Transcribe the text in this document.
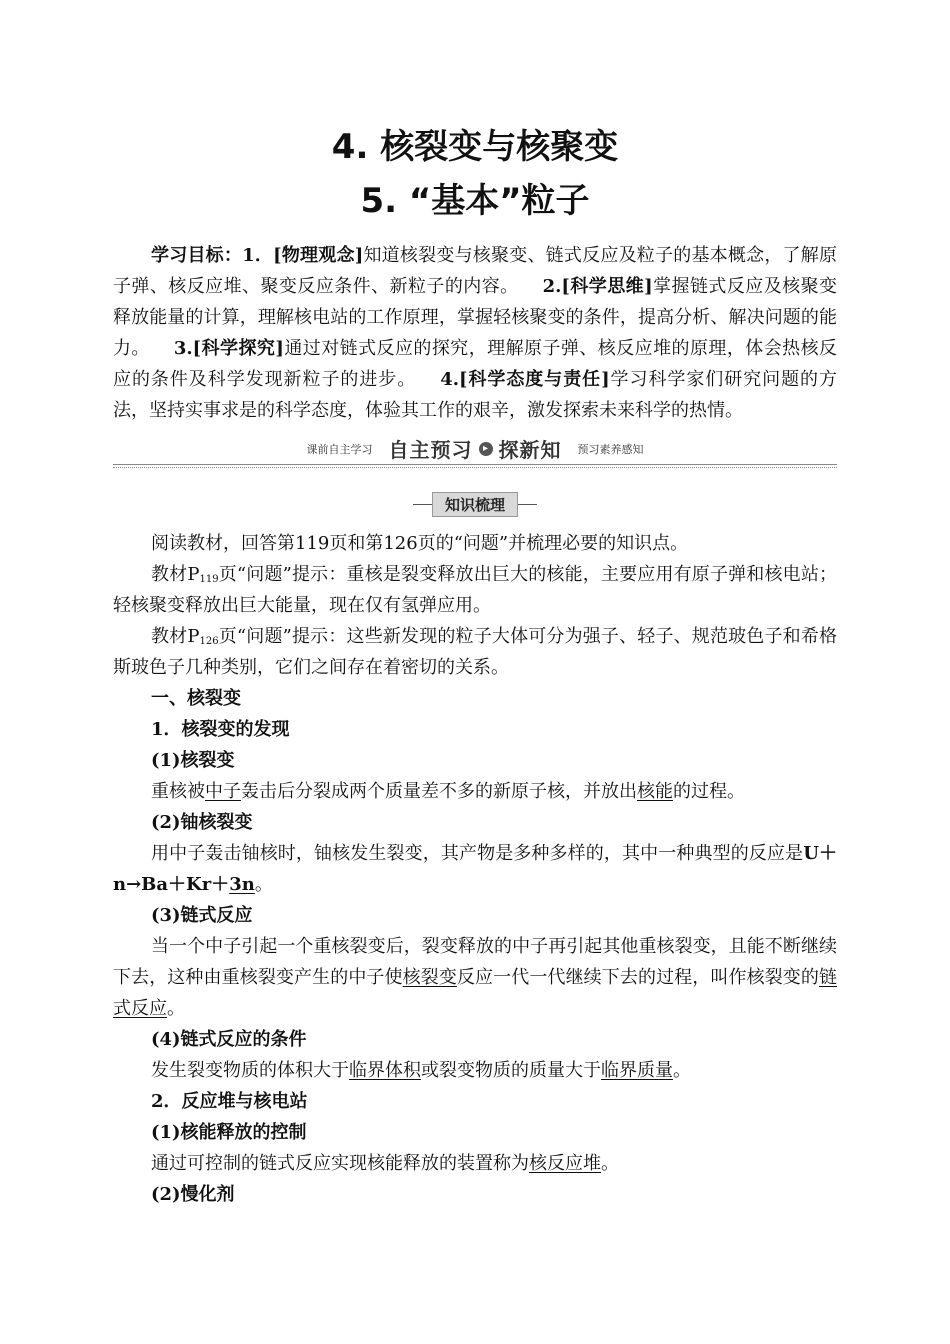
4. 核裂变与核聚变
5. “基本”粒子

学习目标：1．[物理观念]知道核裂变与核聚变、链式反应及粒子的基本概念，了解原子弹、核反应堆、聚变反应条件、新粒子的内容。 2.[科学思维]掌握链式反应及核聚变释放能量的计算，理解核电站的工作原理，掌握轻核聚变的条件，提高分析、解决问题的能力。 3.[科学探究]通过对链式反应的探究，理解原子弹、核反应堆的原理，体会热核反应的条件及科学发现新粒子的进步。 4.[科学态度与责任]学习科学家们研究问题的方法，坚持实事求是的科学态度，体验其工作的艰辛，激发探索未来科学的热情。

课前自主学习 自主预习 ▸ 探新知 预习素养感知
知识梳理

阅读教材，回答第119页和第126页的“问题”并梳理必要的知识点。

教材$P_{119}$页“问题”提示：重核是裂变释放出巨大的核能，主要应用有原子弹和核电站；轻核聚变释放出巨大能量，现在仅有氢弹应用。

教材$P_{126}$页“问题”提示：这些新发现的粒子大体可分为强子、轻子、规范玻色子和希格斯玻色子几种类别，它们之间存在着密切的关系。

一、核裂变

1．核裂变的发现

(1)核裂变

重核被中子轰击后分裂成两个质量差不多的新原子核，并放出核能的过程。

(2)铀核裂变

用中子轰击铀核时，铀核发生裂变，其产物是多种多样的，其中一种典型的反应是U＋n→Ba＋Kr＋3n。

(3)链式反应

当一个中子引起一个重核裂变后，裂变释放的中子再引起其他重核裂变，且能不断继续下去，这种由重核裂变产生的中子使核裂变反应一代一代继续下去的过程，叫作核裂变的链式反应。

(4)链式反应的条件

发生裂变物质的体积大于临界体积或裂变物质的质量大于临界质量。

2．反应堆与核电站

(1)核能释放的控制

通过可控制的链式反应实现核能释放的装置称为核反应堆。

(2)慢化剂
